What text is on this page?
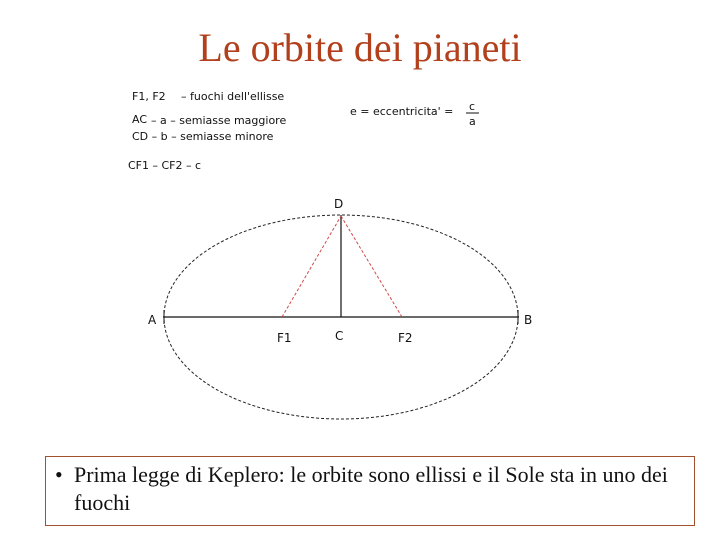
Le orbite dei pianeti
F1, F2 – fuochi dell'ellisse
AC – a – semiasse maggiore
CD – b – semiasse minore
CF1 – CF2 – c
e = eccentricita' = c
a
D
A	B
C
F1	F2
• Prima legge di Keplero: le orbite sono ellissi e il Sole sta in uno dei fuochi
